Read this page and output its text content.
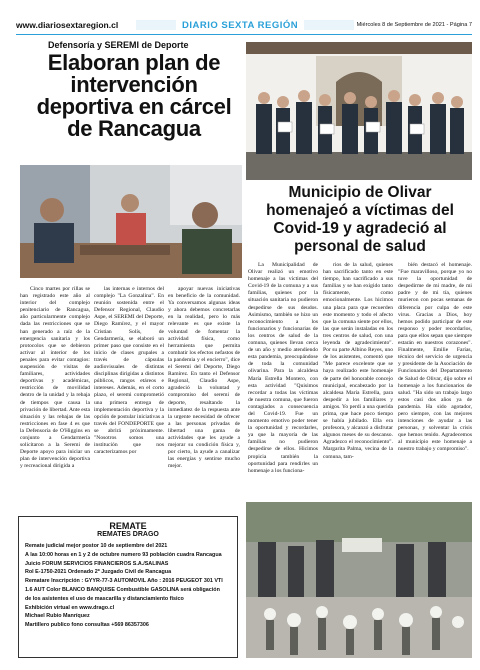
www.diariosextaregion.cl	DIARIO SEXTA REGIÓN	Miércoles 8 de Septiembre de 2021 - Página 7
Defensoría y SEREMI de Deporte
Elaboran plan de intervención deportiva en cárcel de Rancagua
Municipio de Olivar homenajeó a víctimas del Covid-19 y agradeció al personal de salud

Cinco martes por rillas se han registrado este año al interior del complejo penitenciario de Rancagua, año particularmente complejo dada las restricciones que se han generado a raíz de la emergencia sanitaria y los protocolos que se debieron activar al interior de los penales para evitar contagios: suspensión de visitas de familiares, actividades deportivas y académicas, restricción de movilidad dentro de la unidad y la rebaja de tiempos que causa la privación de libertad. Ante esta situación y las rebajas de las restricciones en fase 4 es que la Defensoría de O'Higgins en conjunto a Gendarmería solicitaron a la Seremi de Deporte apoyo para iniciar un plan de intervención deportiva y recreacional dirigida a

las internas e internos del complejo "La Gonzalina". En reunión sostenida entre el Defensor Regional, Claudio Aspe, el SEREMI del Deporte, Diego Ramírez, y el mayor Cristian Solís, de Gendarmería, se elaboró un primer paso que consiste en el inicio de clases grupales a través de cápsulas audiovisuales de distintas disciplinas dirigidas a distintos públicos, rangos etáreos e intereses. Además, en el corto plazo, el seremi comprometió una primera entrega de implementación deportiva y la opción de postular iniciativas a través del FONDEPORTE que se abrirá próximamente. "Nosotros somos una institución que nos caracterizamos por

apoyar nuevas iniciativas en beneficio de la comunidad. Ya conversamos algunas ideas y ahora debemos concretarlas en la realidad, pero lo más relevante es que existe la voluntad de fomentar la actividad física, como herramienta que permita combatir los efectos nefastos de la pandemia y el encierro", dice el Seremi del Deporte, Diego Ramírez. En tanto el Defensor Regional, Claudio Aspe, agradeció la voluntad y compromiso del seremi de deporte, resaltando la inmediatez de la respuesta ante la urgente necesidad de ofrecer a las personas privadas de libertad una gama de actividades que les ayude a mejorar su condición física y, por cierto, la ayude a canalizar las energías y sentirse mucho mejor.

La Municipalidad de Olivar realizó un emotivo homenaje a las víctimas del Covid-19 de la comuna y a sus familias, quienes por la situación sanitaria no pudieron despedirse de sus deudos. Asimismo, también se hizo un reconocimiento a los funcionarios y funcionarias de los centros de salud de la comuna, quienes llevan cerca de un año y medio atendiendo esta pandemia, preocupándose de toda la comunidad olivarina. Para la alcaldesa María Estrella Montero, con esta actividad "Quisimos recordar a todas las víctimas de nuestra comuna, que fueron contagiados a consecuencia del Covid-19. Fue un momento emotivo poder tener la oportunidad y recordarles, ya que la mayoría de las familias no pudieron despedirse de ellos. Hicimos propicia también la oportunidad para rendirles un homenaje a los funciona-

rios de la salud, quienes han sacrificado tanto en este tiempo, han sacrificado a sus familias y se han exigido tanto físicamente, como emocionalmente. Los hicimos una placa para que recuerden este momento y todo el afecto que la comuna siente por ellos, las que serán instaladas en los tres centros de salud, con una leyenda de agradecimiento". Por su parte Albino Reyes, uno de los asistentes, comentó que "Me parece excelente que se haya realizado este homenaje de parte del honorable concejo municipal, encabezado por la alcaldesa María Estrella, para despedir a los familiares y amigos. Yo perdí a una querida prima, que hace poco tiempo se había jubilado. Ella era profesora, y alcanzó a disfrutar algunos meses de su descanso. Agradezco el reconocimiento". Margarita Palma, vecina de la comuna, tam-

bién destacó el homenaje. "Fue maravilloso, porque yo no tuve la oportunidad de despedirme de mi madre, de mi padre y de mi tía, quienes murieron con pocas semanas de diferencia por culpa de este virus. Gracias a Dios, hoy hemos podido participar de este responso y poder recordarlos, para que ellos sepan que siempre estarán en nuestros corazones". Finalmente, Emilie Farías, técnico del servicio de urgencia y presidente de la Asociación de Funcionarios del Departamento de Salud de Olivar, dijo sobre el homenaje a los funcionarios de salud. "Ha sido un trabajo largo estos casi dos años ya de pandemia. Ha sido agotador, pero siempre, con las mejores intenciones de ayudar a las personas, y solventar la crisis que hemos tenido. Agradecemos al municipio este homenaje a nuestro trabajo y compromiso".

REMATE
REMATES DRAGO
Remate judicial mejor postor 10 de septiembre del 2021
A las 10:00 horas en 1 y 2 de octubre numero 93 población cuadra Rancagua
Juicio FORUM SERVICIOS FINANCIEROS S.A./SALINAS
Rol E-1750-2021 Ordenado 2º Juzgado Civil de Rancagua
Rematare Inscripción : GYYR-77-3 AUTOMOVIL Año : 2016 PEUGEOT 301 VTI
1.6 AUT Color BLANCO BANQUISE Combustible GASOLINA será obligación
de los asistentes el uso de mascarilla y distanciamiento físico
Exhibición virtual en www.drago.cl
Michael Rubio Manríquez
Martillero publico fono consultas +569 86357306
